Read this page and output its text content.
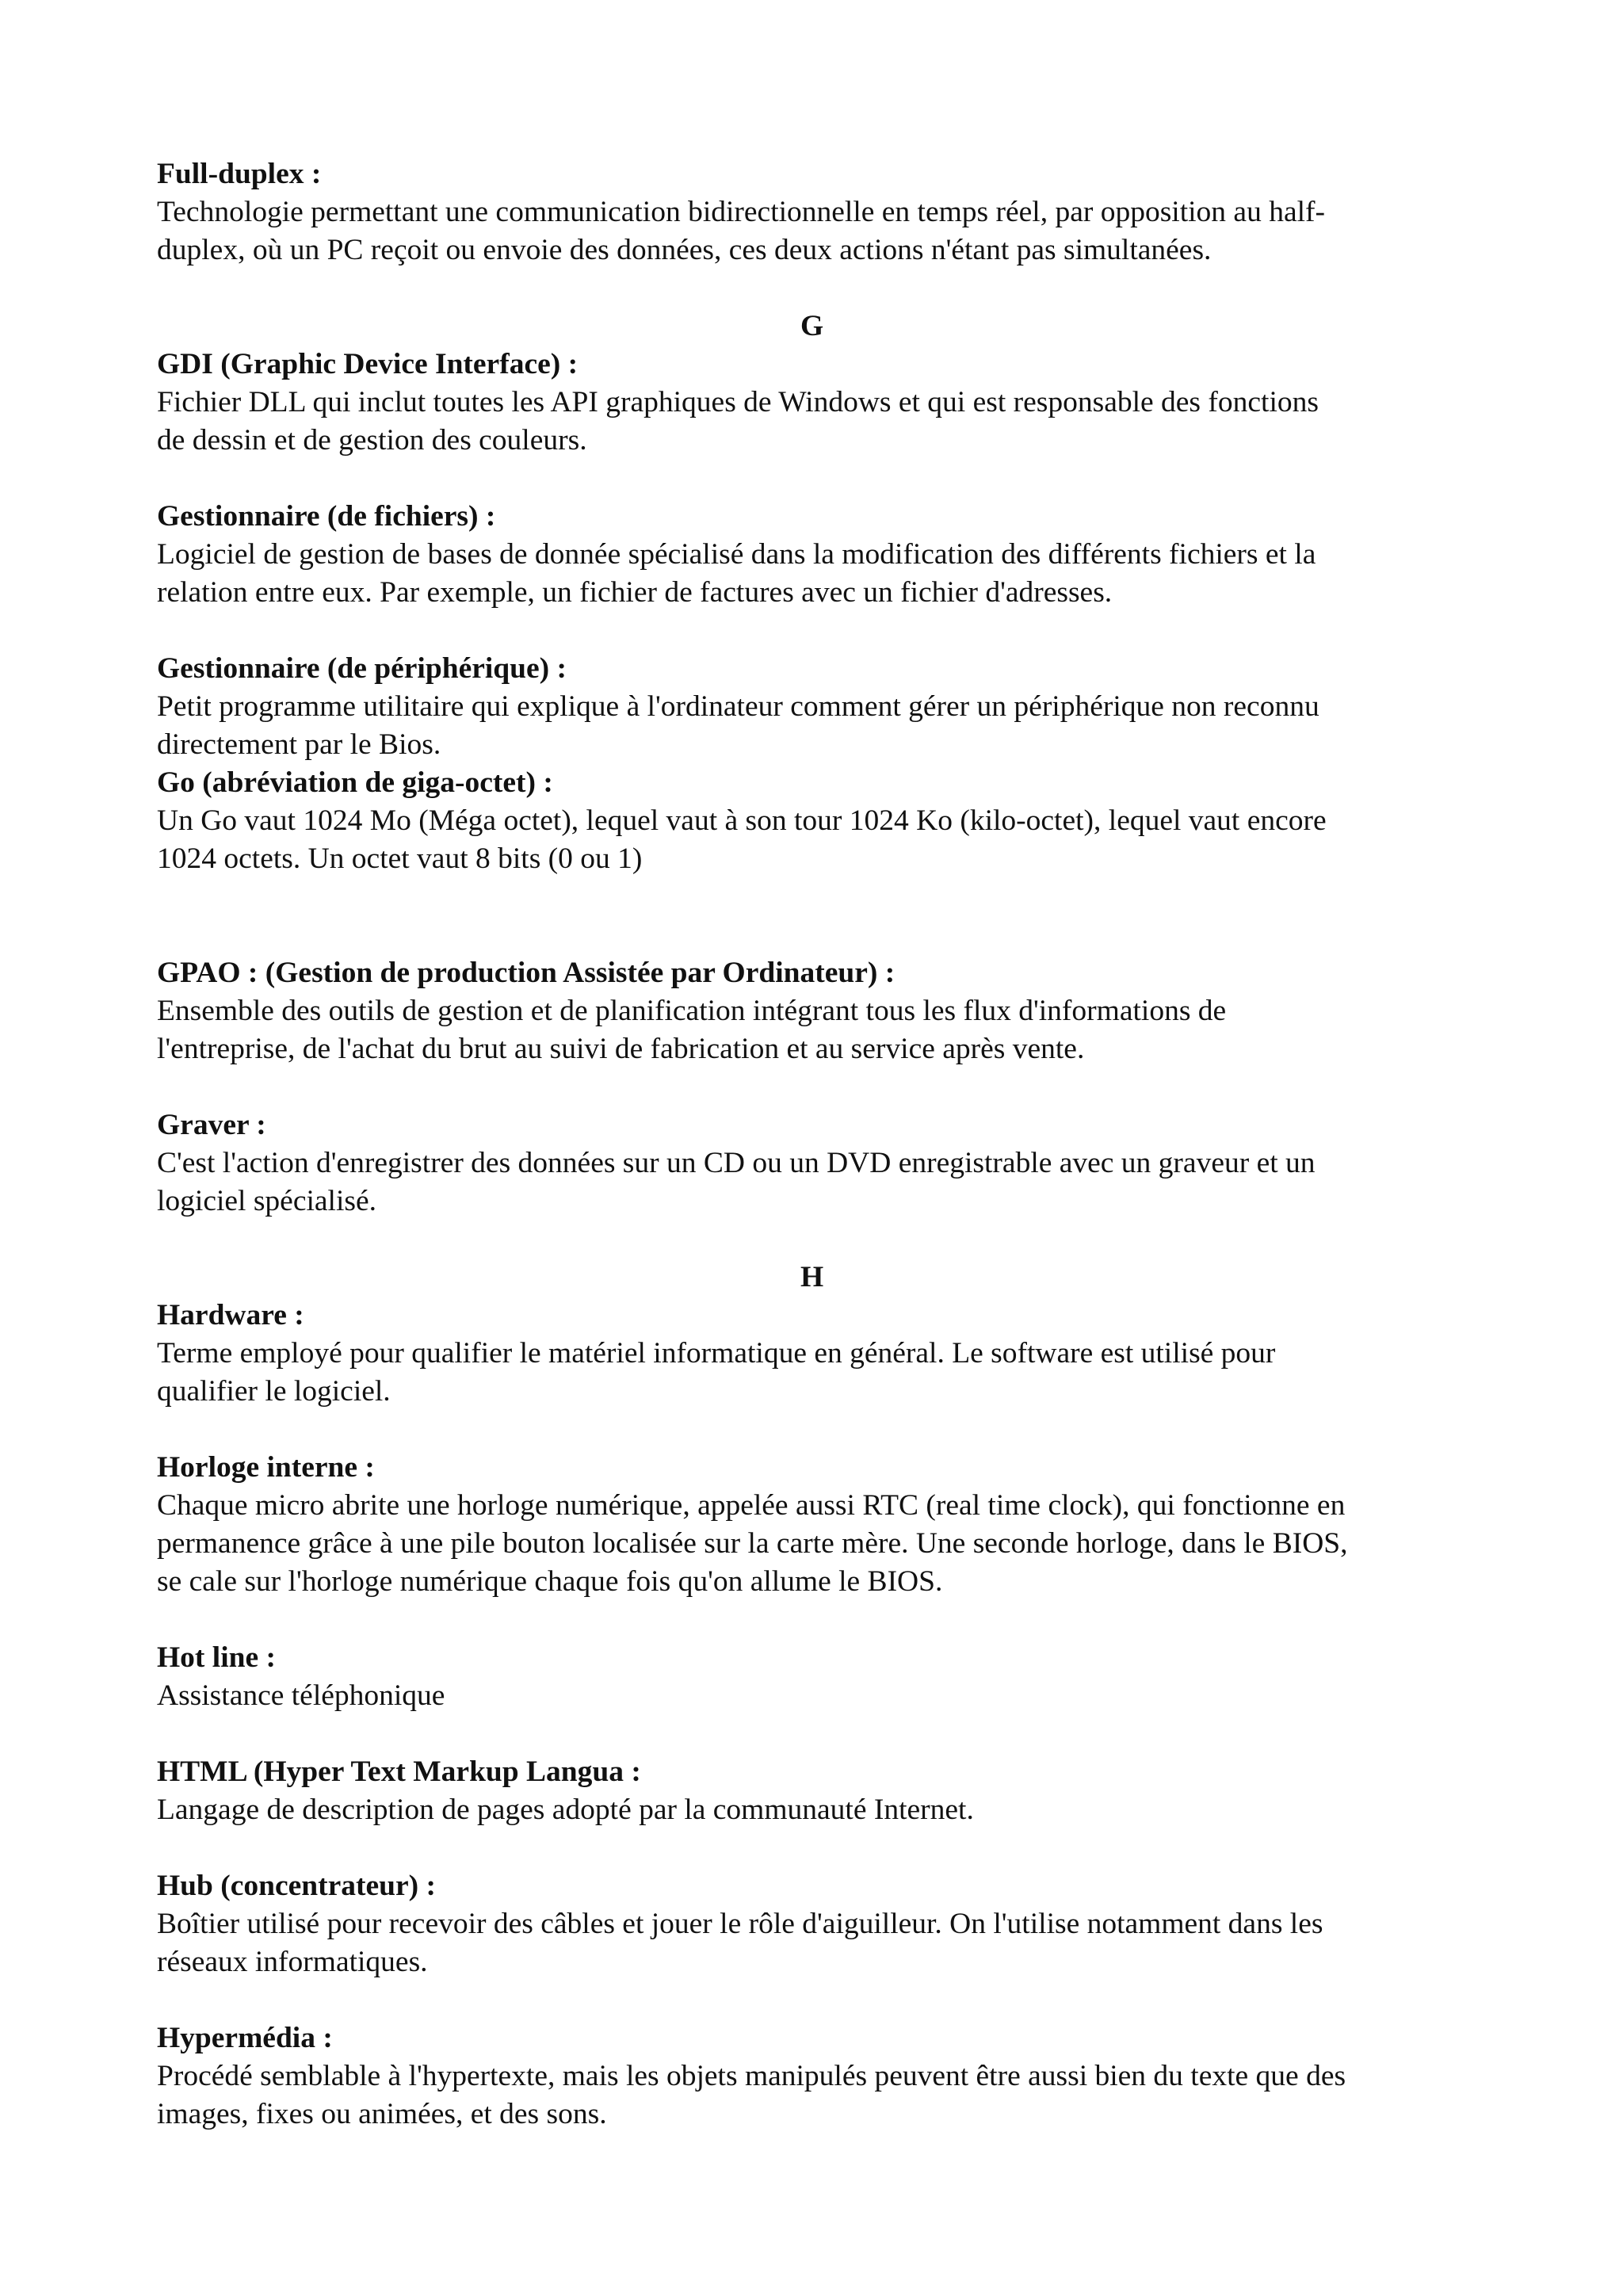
Full-duplex :
Technologie permettant une communication bidirectionnelle en temps réel, par opposition au half-
duplex, où un PC reçoit ou envoie des données, ces deux actions n'étant pas simultanées.
G
GDI (Graphic Device Interface) :
Fichier DLL qui inclut toutes les API graphiques de Windows et qui est responsable des fonctions
de dessin et de gestion des couleurs.
Gestionnaire (de fichiers) :
Logiciel de gestion de bases de donnée spécialisé dans la modification des différents fichiers et la
relation entre eux. Par exemple, un fichier de factures avec un fichier d'adresses.
Gestionnaire (de périphérique) :
Petit programme utilitaire qui explique à l'ordinateur comment gérer un périphérique non reconnu
directement par le Bios.
Go (abréviation de giga-octet) :
Un Go vaut 1024 Mo (Méga octet), lequel vaut à son tour 1024 Ko (kilo-octet), lequel vaut encore
1024 octets. Un octet vaut 8 bits (0 ou 1)
GPAO : (Gestion de production Assistée par Ordinateur) :
Ensemble des outils de gestion et de planification intégrant tous les flux d'informations de
l'entreprise, de l'achat du brut au suivi de fabrication et au service après vente.
Graver :
C'est l'action d'enregistrer des données sur un CD ou un DVD enregistrable avec un graveur et un
logiciel spécialisé.
H
Hardware :
Terme employé pour qualifier le matériel informatique en général. Le software est utilisé pour
qualifier le logiciel.
Horloge interne :
Chaque micro abrite une horloge numérique, appelée aussi RTC (real time clock), qui fonctionne en
permanence grâce à une pile bouton localisée sur la carte mère. Une seconde horloge, dans le BIOS,
se cale sur l'horloge numérique chaque fois qu'on allume le BIOS.
Hot line :
Assistance téléphonique
HTML (Hyper Text Markup Langua :
Langage de description de pages adopté par la communauté Internet.
Hub (concentrateur) :
Boîtier utilisé pour recevoir des câbles et jouer le rôle d'aiguilleur. On l'utilise notamment dans les
réseaux informatiques.
Hypermédia :
Procédé semblable à l'hypertexte, mais les objets manipulés peuvent être aussi bien du texte que des
images, fixes ou animées, et des sons.
